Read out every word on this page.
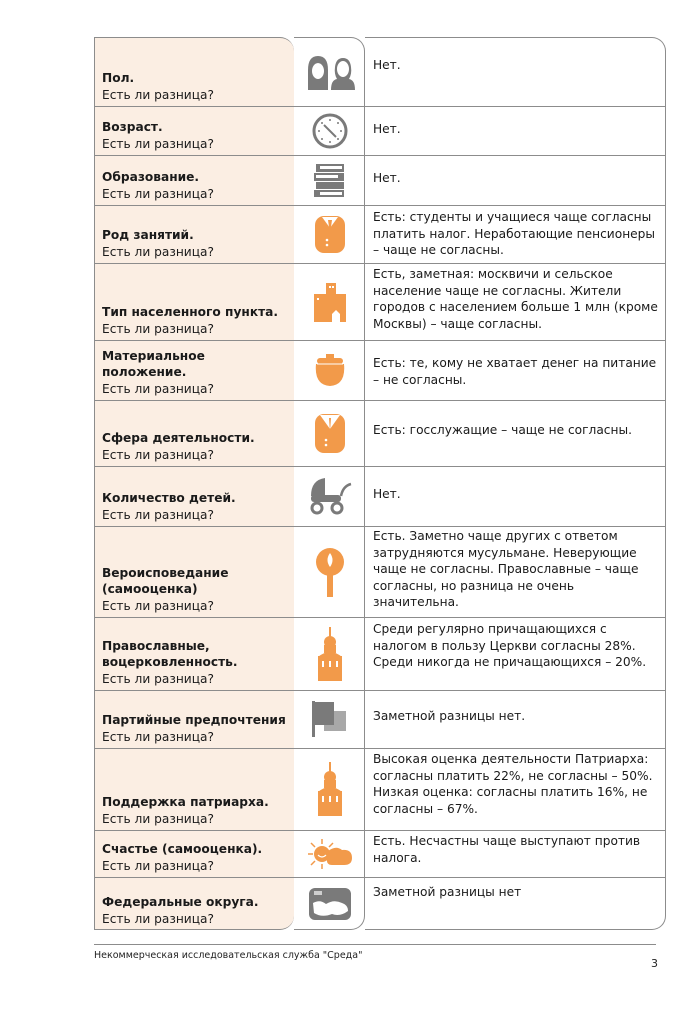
Пол.
Есть ли разница?
Нет.
Возраст.
Есть ли разница?
Нет.
Образование.
Есть ли разница?
Нет.
Род занятий.
Есть ли разница?
Есть: студенты и учащиеся чаще согласны платить налог. Неработающие пенсионеры – чаще не согласны.
Тип населенного пункта.
Есть ли разница?
Есть, заметная: москвичи и сельское население чаще не согласны. Жители городов с населением больше 1 млн (кроме Москвы) – чаще согласны.
Материальное положение.
Есть ли разница?
Есть: те, кому не хватает денег на питание – не согласны.
Сфера деятельности.
Есть ли разница?
Есть: госслужащие – чаще не согласны.
Количество детей.
Есть ли разница?
Нет.
Вероисповедание (самооценка)
Есть ли разница?
Есть. Заметно чаще других с ответом затрудняются мусульмане. Неверующие чаще не согласны. Православные – чаще согласны, но разница не очень значительна.
Православные, воцерковленность.
Есть ли разница?
Среди регулярно причащающихся с налогом в пользу Церкви согласны 28%. Среди никогда не причащающихся – 20%.
Партийные предпочтения
Есть ли разница?
Заметной разницы нет.
Поддержка патриарха.
Есть ли разница?
Высокая оценка деятельности Патриарха: согласны платить 22%, не согласны – 50%. Низкая оценка: согласны платить 16%, не согласны – 67%.
Счастье (самооценка).
Есть ли разница?
Есть. Несчастны чаще выступают против налога.
Федеральные округа.
Есть ли разница?
Заметной разницы нет
Некоммерческая исследовательская служба "Среда"
3
